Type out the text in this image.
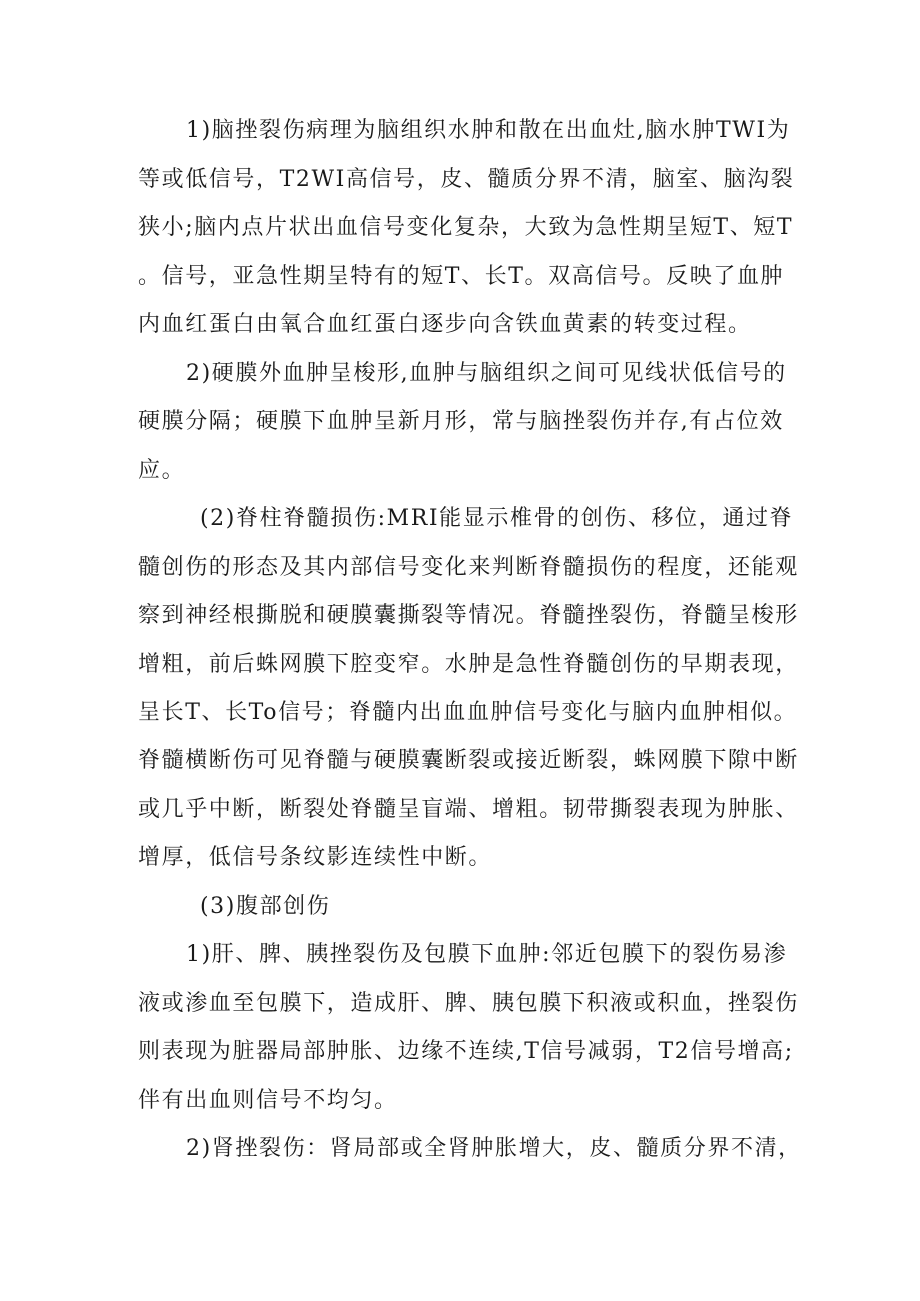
1)脑挫裂伤病理为脑组织水肿和散在出血灶,脑水肿TWI为
等或低信号，T2WI高信号，皮、髓质分界不清，脑室、脑沟裂
狭小;脑内点片状出血信号变化复杂，大致为急性期呈短T、短T
。信号，亚急性期呈特有的短T、长T。双高信号。反映了血肿
内血红蛋白由氧合血红蛋白逐步向含铁血黄素的转变过程。
2)硬膜外血肿呈梭形,血肿与脑组织之间可见线状低信号的
硬膜分隔；硬膜下血肿呈新月形，常与脑挫裂伤并存,有占位效
应。
(2)脊柱脊髓损伤:MRI能显示椎骨的创伤、移位，通过脊
髓创伤的形态及其内部信号变化来判断脊髓损伤的程度，还能观
察到神经根撕脱和硬膜囊撕裂等情况。脊髓挫裂伤，脊髓呈梭形
增粗，前后蛛网膜下腔变窄。水肿是急性脊髓创伤的早期表现，
呈长T、长To信号；脊髓内出血血肿信号变化与脑内血肿相似。
脊髓横断伤可见脊髓与硬膜囊断裂或接近断裂，蛛网膜下隙中断
或几乎中断，断裂处脊髓呈盲端、增粗。韧带撕裂表现为肿胀、
增厚，低信号条纹影连续性中断。
(3)腹部创伤
1)肝、脾、胰挫裂伤及包膜下血肿:邻近包膜下的裂伤易渗
液或渗血至包膜下，造成肝、脾、胰包膜下积液或积血，挫裂伤
则表现为脏器局部肿胀、边缘不连续,T信号减弱，T2信号增高;
伴有出血则信号不均匀。
2)肾挫裂伤：肾局部或全肾肿胀增大，皮、髓质分界不清，
